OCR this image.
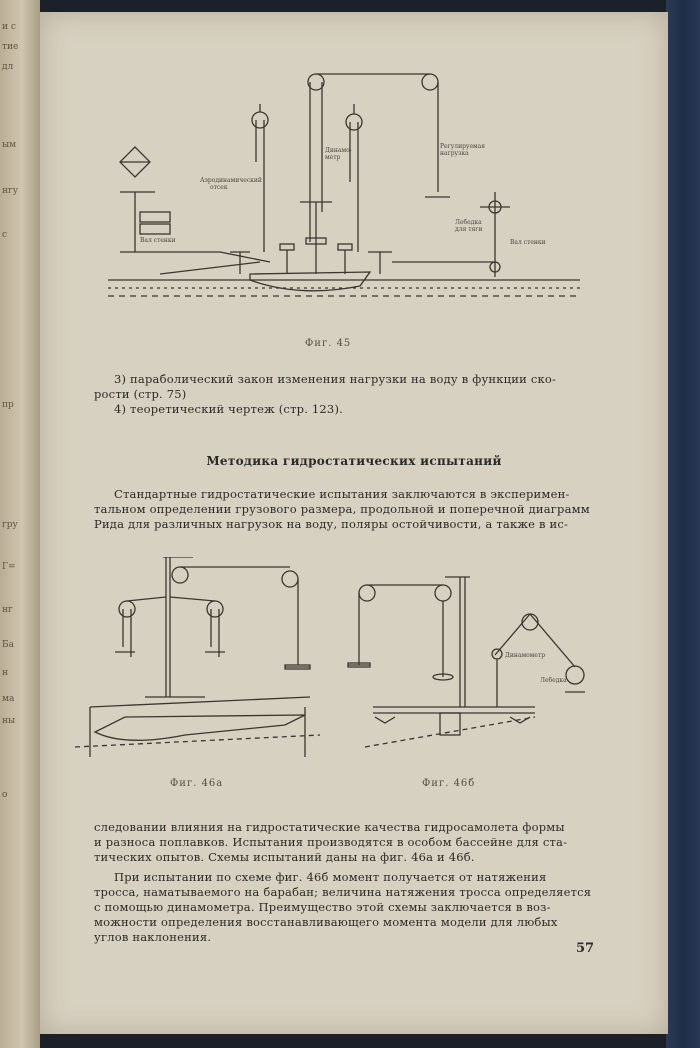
Аэродинамический
отсек
Вал стенки
Динамо-
метр
Регулируемая
нагрузка
Лебедка
для тяги
Вал стенки
Фиг. 45
3) параболический закон изменения нагрузки на воду в функции ско-
рости (стр. 75)
4) теоретический чертеж (стр. 123).
Методика гидростатических испытаний
Стандартные гидростатические испытания заключаются в эксперимен-
тальном определении грузового размера, продольной и поперечной диаграмм
Рида для различных нагрузок на воду, поляры остойчивости, а также в ис-
Динамометр
Лебедка
Фиг. 46а	Фиг. 46б
следовании влияния на гидростатические качества гидросамолета формы
и разноса поплавков. Испытания производятся в особом бассейне для ста-
тических опытов. Схемы испытаний даны на фиг. 46а и 46б.
При испытании по схеме фиг. 46б момент получается от натяжения
тросса, наматываемого на барабан; величина натяжения тросса определяется
с помощью динамометра. Преимущество этой схемы заключается в воз-
можности определения восстанавливающего момента модели для любых
углов наклонения.
57
и с
тие
дл
ым
нгу
с
пр
гру
Г=
нг
Ба
н
ма
ны
о
